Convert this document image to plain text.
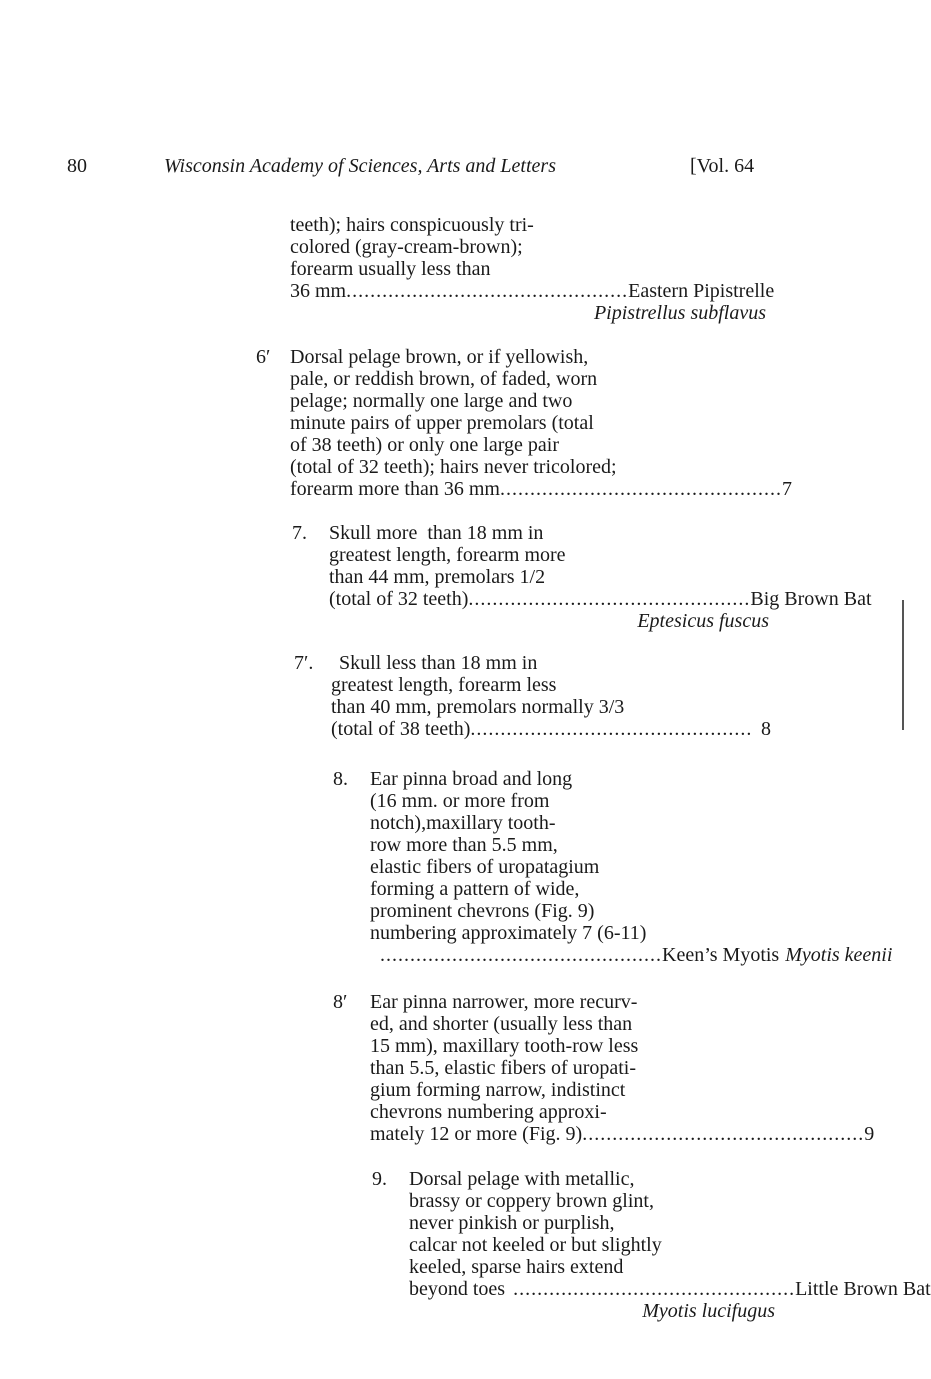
80	Wisconsin Academy of Sciences, Arts and Letters	[Vol. 64
teeth); hairs conspicuously tri-
colored (gray-cream-brown);
forearm usually less than
36 mm ............................................... Eastern Pipistrelle
Pipistrellus subflavus
6′ Dorsal pelage brown, or if yellowish,
pale, or reddish brown, of faded, worn
pelage; normally one large and two
minute pairs of upper premolars (total
of 38 teeth) or only one large pair
(total of 32 teeth); hairs never tricolored;
forearm more than 36 mm ............................................... 7
7. Skull more  than 18 mm in
greatest length, forearm more
than 44 mm, premolars 1/2
(total of 32 teeth) ............................................... Big Brown Bat
Eptesicus fuscus
7′.	Skull less than 18 mm in
greatest length, forearm less
than 40 mm, premolars normally 3/3
(total of 38 teeth) ............................................... 8
8. Ear pinna broad and long
(16 mm. or more from
notch),maxillary tooth-
row more than 5.5 mm,
elastic fibers of uropatagium
forming a pattern of wide,
prominent chevrons (Fig. 9)
numbering approximately 7 (6-11)
............................................... Keen’s Myotis Myotis keenii
8′ Ear pinna narrower, more recurv-
ed, and shorter (usually less than
15 mm), maxillary tooth-row less
than 5.5, elastic fibers of uropati-
gium forming narrow, indistinct
chevrons numbering approxi-
mately 12 or more (Fig. 9) ............................................... 9
9. Dorsal pelage with metallic,
brassy or coppery brown glint,
never pinkish or purplish,
calcar not keeled or but slightly
keeled, sparse hairs extend
beyond toes ............................................... Little Brown Bat
Myotis lucifugus
